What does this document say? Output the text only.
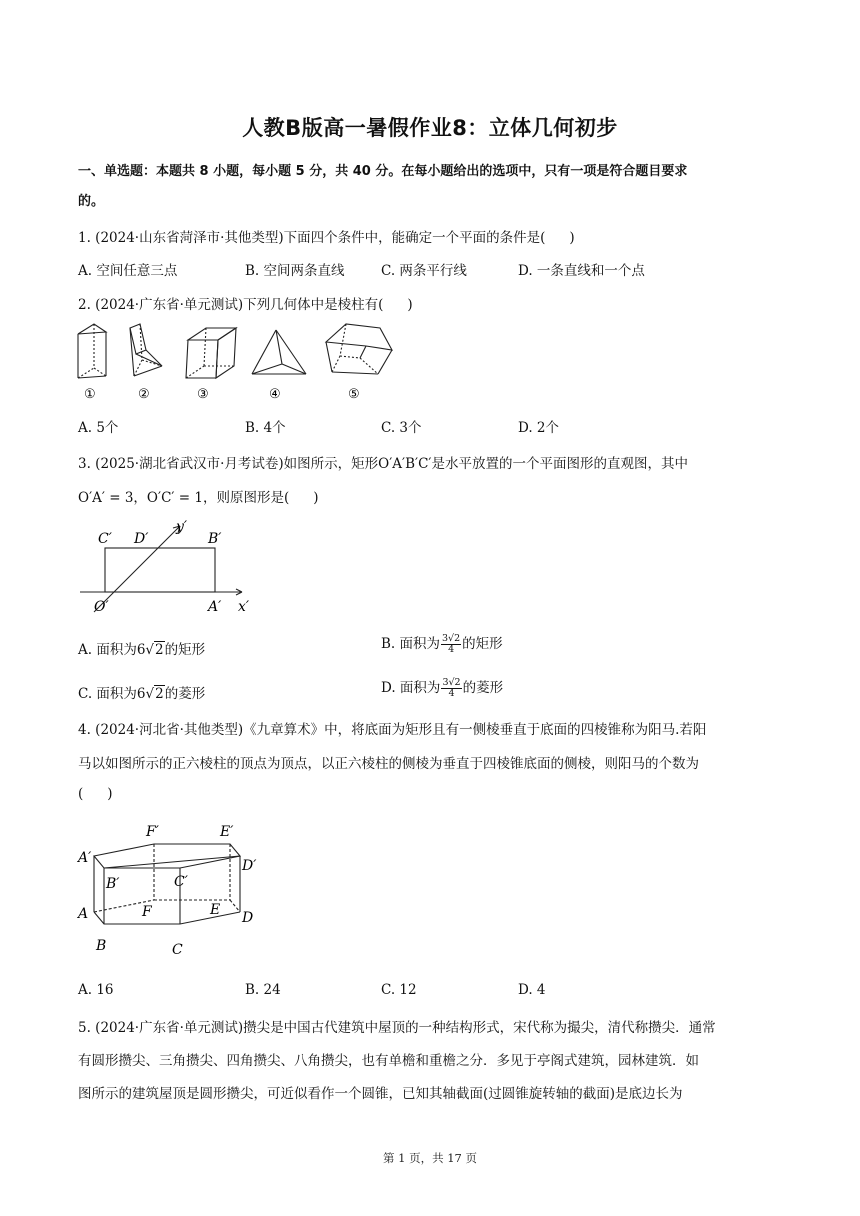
人教B版高一暑假作业8：立体几何初步
一、单选题：本题共 8 小题，每小题 5 分，共 40 分。在每小题给出的选项中，只有一项是符合题目要求
的。
1. (2024·山东省菏泽市·其他类型)下面四个条件中，能确定一个平面的条件是( )
A. 空间任意三点	B. 空间两条直线	C. 两条平行线	D. 一条直线和一个点
2. (2024·广东省·单元测试)下列几何体中是棱柱有( )
①	②	③	④	⑤
A. 5个	B. 4个	C. 3个	D. 2个
3. (2025·湖北省武汉市·月考试卷)如图所示，矩形O′A′B′C′是水平放置的一个平面图形的直观图，其中
O′A′ = 3，O′C′ = 1，则原图形是( )
C′ D′	B′
y′
O′	A′ x′
A. 面积为6√2的矩形	B. 面积为 $\frac{3√2}{4}$ 的矩形
C. 面积为6√2的菱形	D. 面积为 $\frac{3√2}{4}$ 的菱形
4. (2024·河北省·其他类型)《九章算术》中，将底面为矩形且有一侧棱垂直于底面的四棱锥称为阳马.若阳
马以如图所示的正六棱柱的顶点为顶点，以正六棱柱的侧棱为垂直于四棱锥底面的侧棱，则阳马的个数为
( )
F′	E′
A′	D′
B′	C′
A	F	E D
B	C
A. 16	B. 24	C. 12	D. 4
5. (2024·广东省·单元测试)攒尖是中国古代建筑中屋顶的一种结构形式，宋代称为撮尖，清代称攒尖．通常
有圆形攒尖、三角攒尖、四角攒尖、八角攒尖，也有单檐和重檐之分．多见于亭阁式建筑，园林建筑．如
图所示的建筑屋顶是圆形攒尖，可近似看作一个圆锥，已知其轴截面(过圆锥旋转轴的截面)是底边长为
第 1 页，共 17 页
